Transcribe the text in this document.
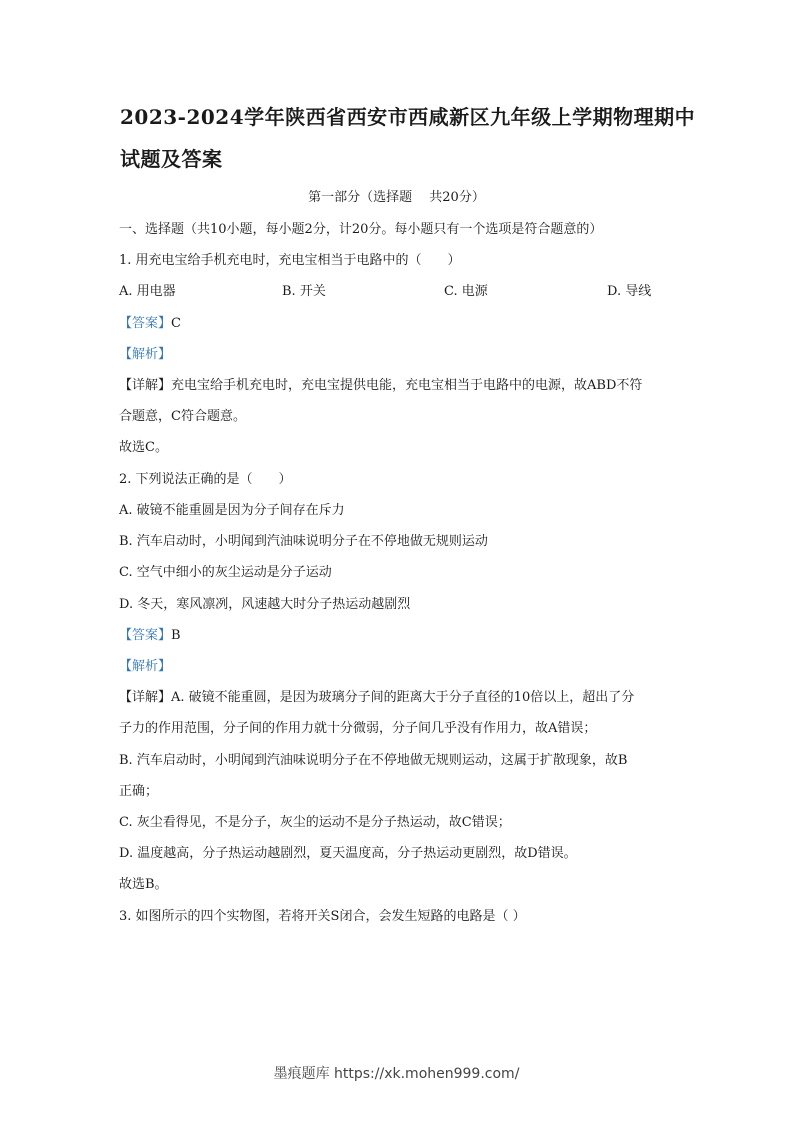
2023-2024学年陕西省西安市西咸新区九年级上学期物理期中试题及答案
第一部分（选择题　 共20分）
一、选择题（共10小题，每小题2分，计20分。每小题只有一个选项是符合题意的）
1. 用充电宝给手机充电时，充电宝相当于电路中的（　　）
A. 用电器	B. 开关	C. 电源	D. 导线
【答案】C
【解析】
【详解】充电宝给手机充电时，充电宝提供电能，充电宝相当于电路中的电源，故ABD不符
合题意，C符合题意。
故选C。
2. 下列说法正确的是（　　）
A. 破镜不能重圆是因为分子间存在斥力
B. 汽车启动时，小明闻到汽油味说明分子在不停地做无规则运动
C. 空气中细小的灰尘运动是分子运动
D. 冬天，寒风凛冽，风速越大时分子热运动越剧烈
【答案】B
【解析】
【详解】A. 破镜不能重圆，是因为玻璃分子间的距离大于分子直径的10倍以上，超出了分
子力的作用范围，分子间的作用力就十分微弱，分子间几乎没有作用力，故A错误；
B. 汽车启动时，小明闻到汽油味说明分子在不停地做无规则运动，这属于扩散现象，故B
正确；
C. 灰尘看得见，不是分子，灰尘的运动不是分子热运动，故C错误；
D. 温度越高，分子热运动越剧烈，夏天温度高，分子热运动更剧烈，故D错误。
故选B。
3. 如图所示的四个实物图，若将开关S闭合，会发生短路的电路是（ ）
墨痕题库 https://xk.mohen999.com/
